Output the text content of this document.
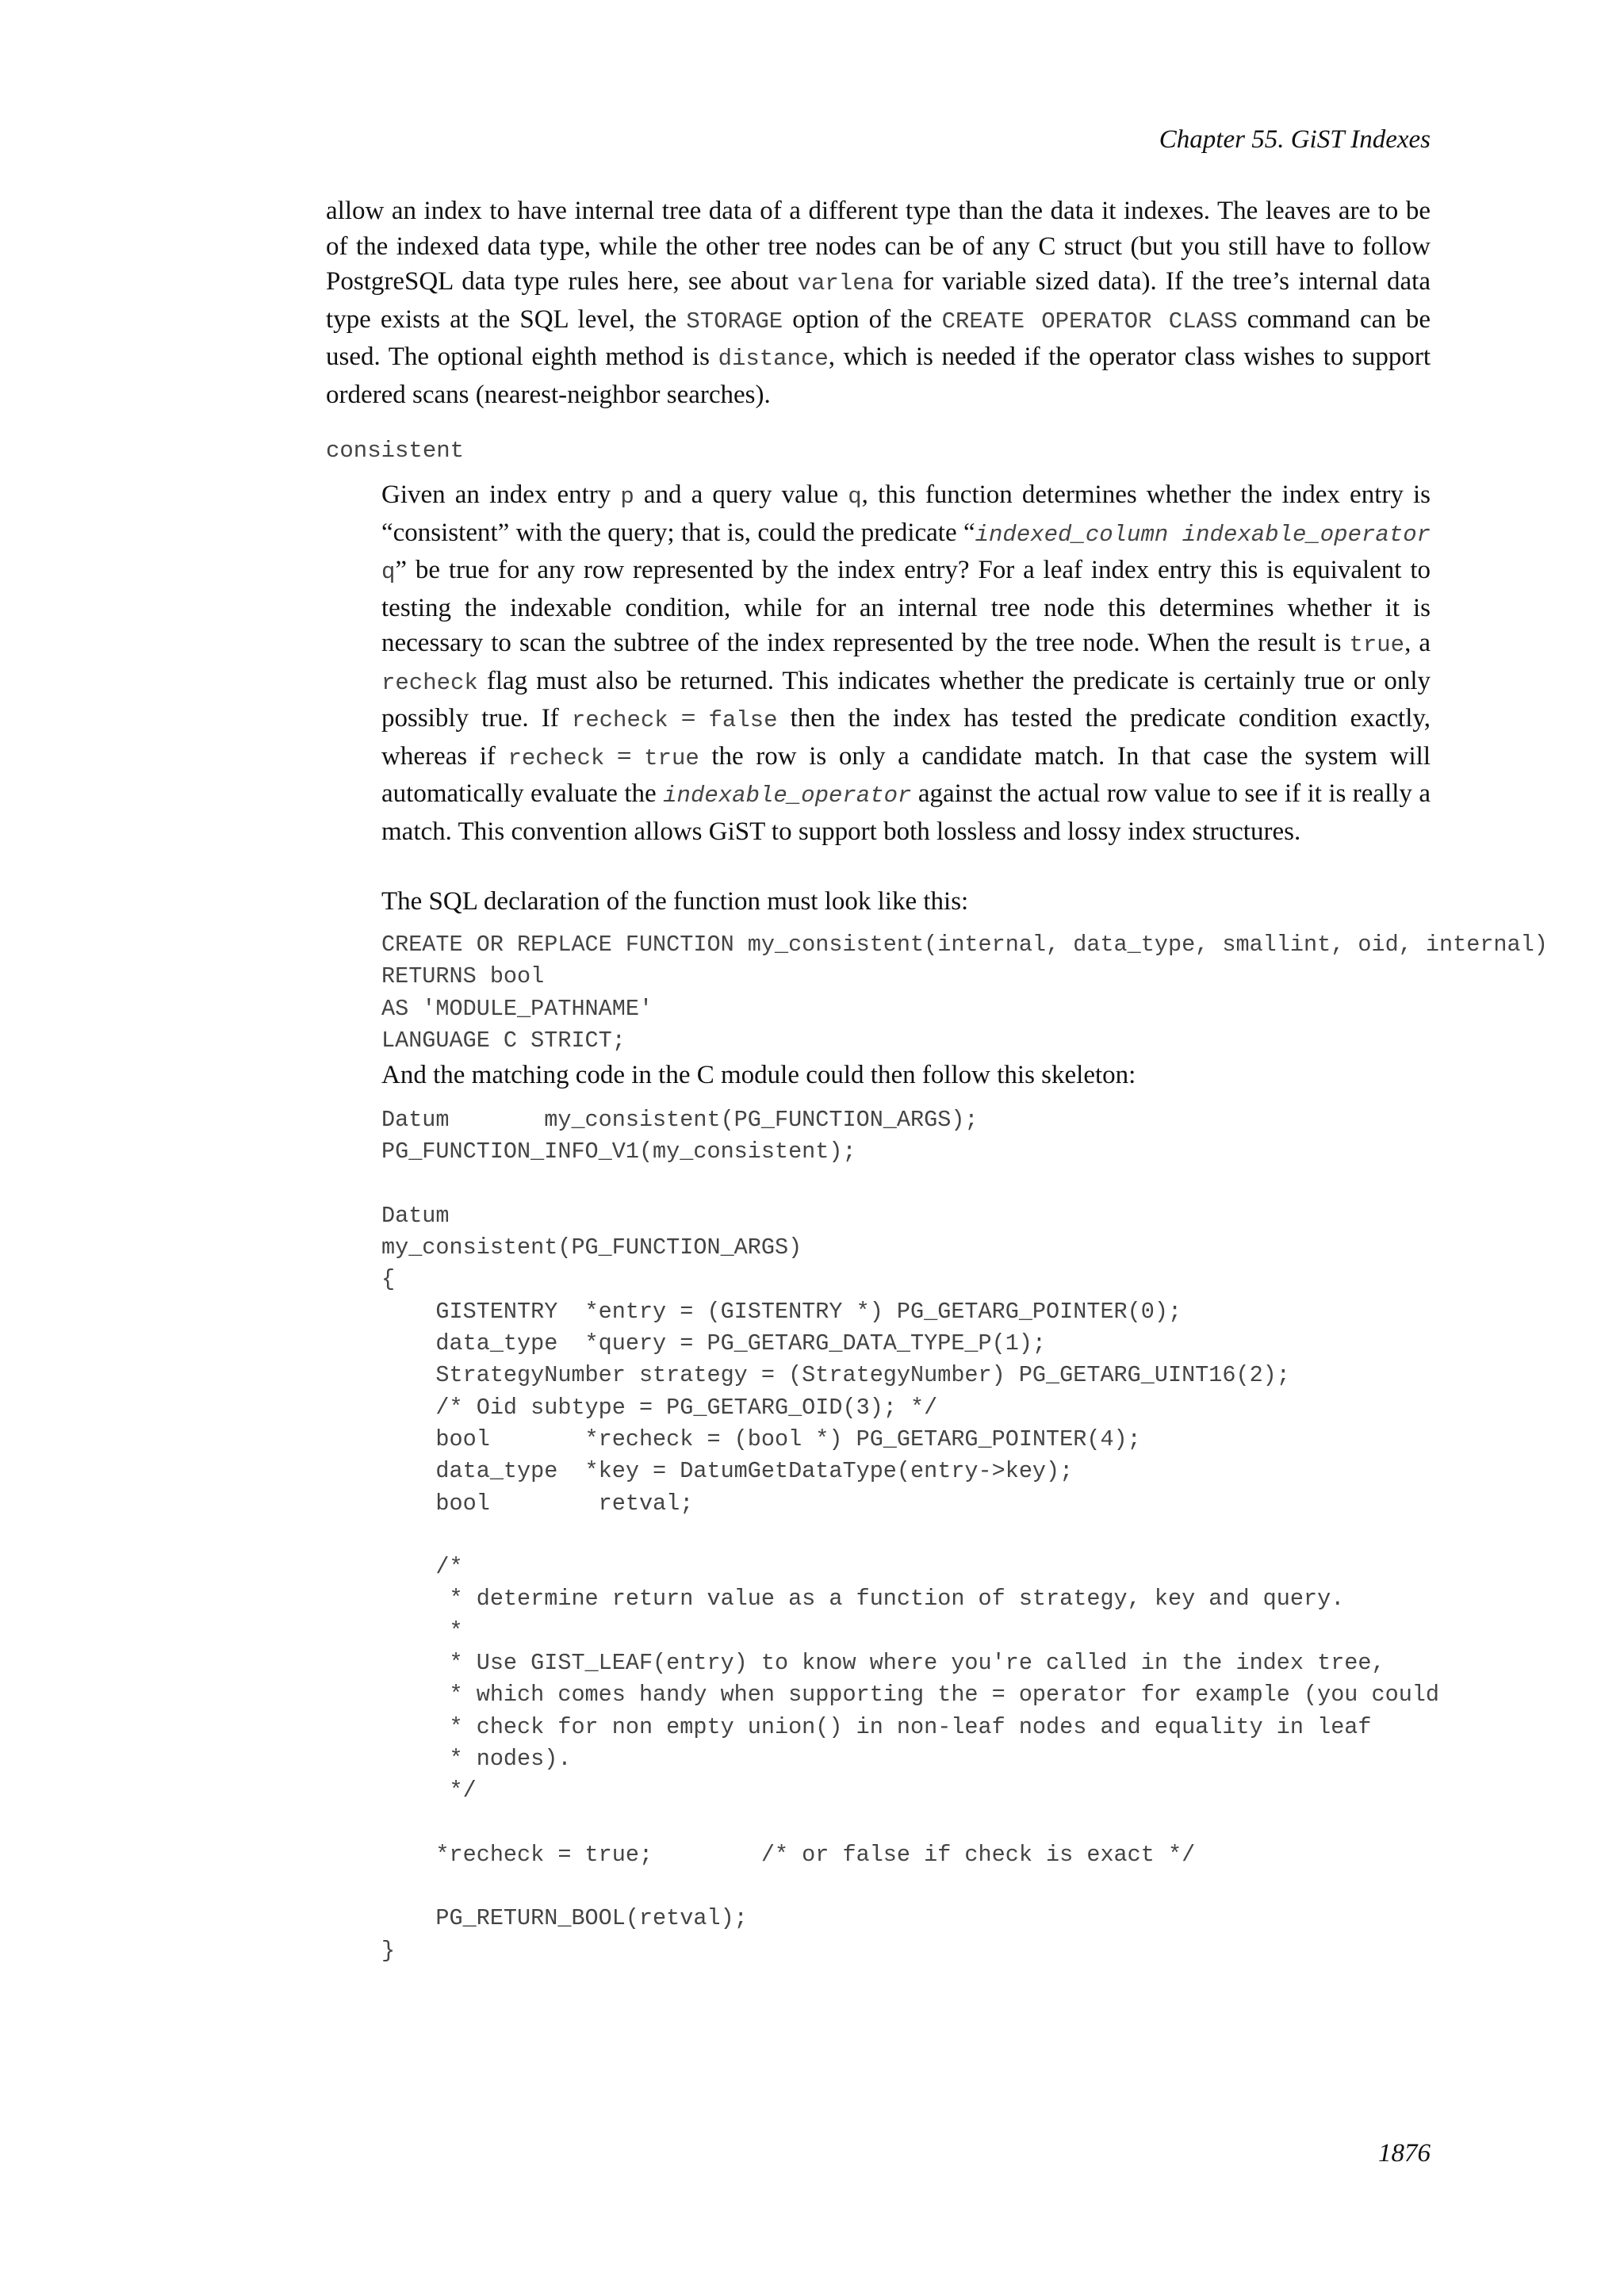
Chapter 55. GiST Indexes

allow an index to have internal tree data of a different type than the data it indexes. The leaves are to be of the indexed data type, while the other tree nodes can be of any C struct (but you still have to follow PostgreSQL data type rules here, see about varlena for variable sized data). If the tree’s internal data type exists at the SQL level, the STORAGE option of the CREATE OPERATOR CLASS command can be used. The optional eighth method is distance, which is needed if the operator class wishes to support ordered scans (nearest-neighbor searches).

consistent

Given an index entry p and a query value q, this function determines whether the index entry is “consistent” with the query; that is, could the predicate “indexed_column indexable_operator q” be true for any row represented by the index entry? For a leaf index entry this is equivalent to testing the indexable condition, while for an internal tree node this determines whether it is necessary to scan the subtree of the index represented by the tree node. When the result is true, a recheck flag must also be returned. This indicates whether the predicate is certainly true or only possibly true. If recheck = false then the index has tested the predicate condition exactly, whereas if recheck = true the row is only a candidate match. In that case the system will automatically evaluate the indexable_operator against the actual row value to see if it is really a match. This convention allows GiST to support both lossless and lossy index structures.

The SQL declaration of the function must look like this:

CREATE OR REPLACE FUNCTION my_consistent(internal, data_type, smallint, oid, internal)
RETURNS bool
AS 'MODULE_PATHNAME'
LANGUAGE C STRICT;

And the matching code in the C module could then follow this skeleton:

Datum       my_consistent(PG_FUNCTION_ARGS);
PG_FUNCTION_INFO_V1(my_consistent);

Datum
my_consistent(PG_FUNCTION_ARGS)
{
GISTENTRY  *entry = (GISTENTRY *) PG_GETARG_POINTER(0);
data_type  *query = PG_GETARG_DATA_TYPE_P(1);
StrategyNumber strategy = (StrategyNumber) PG_GETARG_UINT16(2);
/* Oid subtype = PG_GETARG_OID(3); */
bool       *recheck = (bool *) PG_GETARG_POINTER(4);
data_type  *key = DatumGetDataType(entry->key);
bool        retval;

/*
* determine return value as a function of strategy, key and query.
*
* Use GIST_LEAF(entry) to know where you're called in the index tree,
* which comes handy when supporting the = operator for example (you could
* check for non empty union() in non-leaf nodes and equality in leaf
* nodes).
*/

*recheck = true;        /* or false if check is exact */

PG_RETURN_BOOL(retval);
}
1876
